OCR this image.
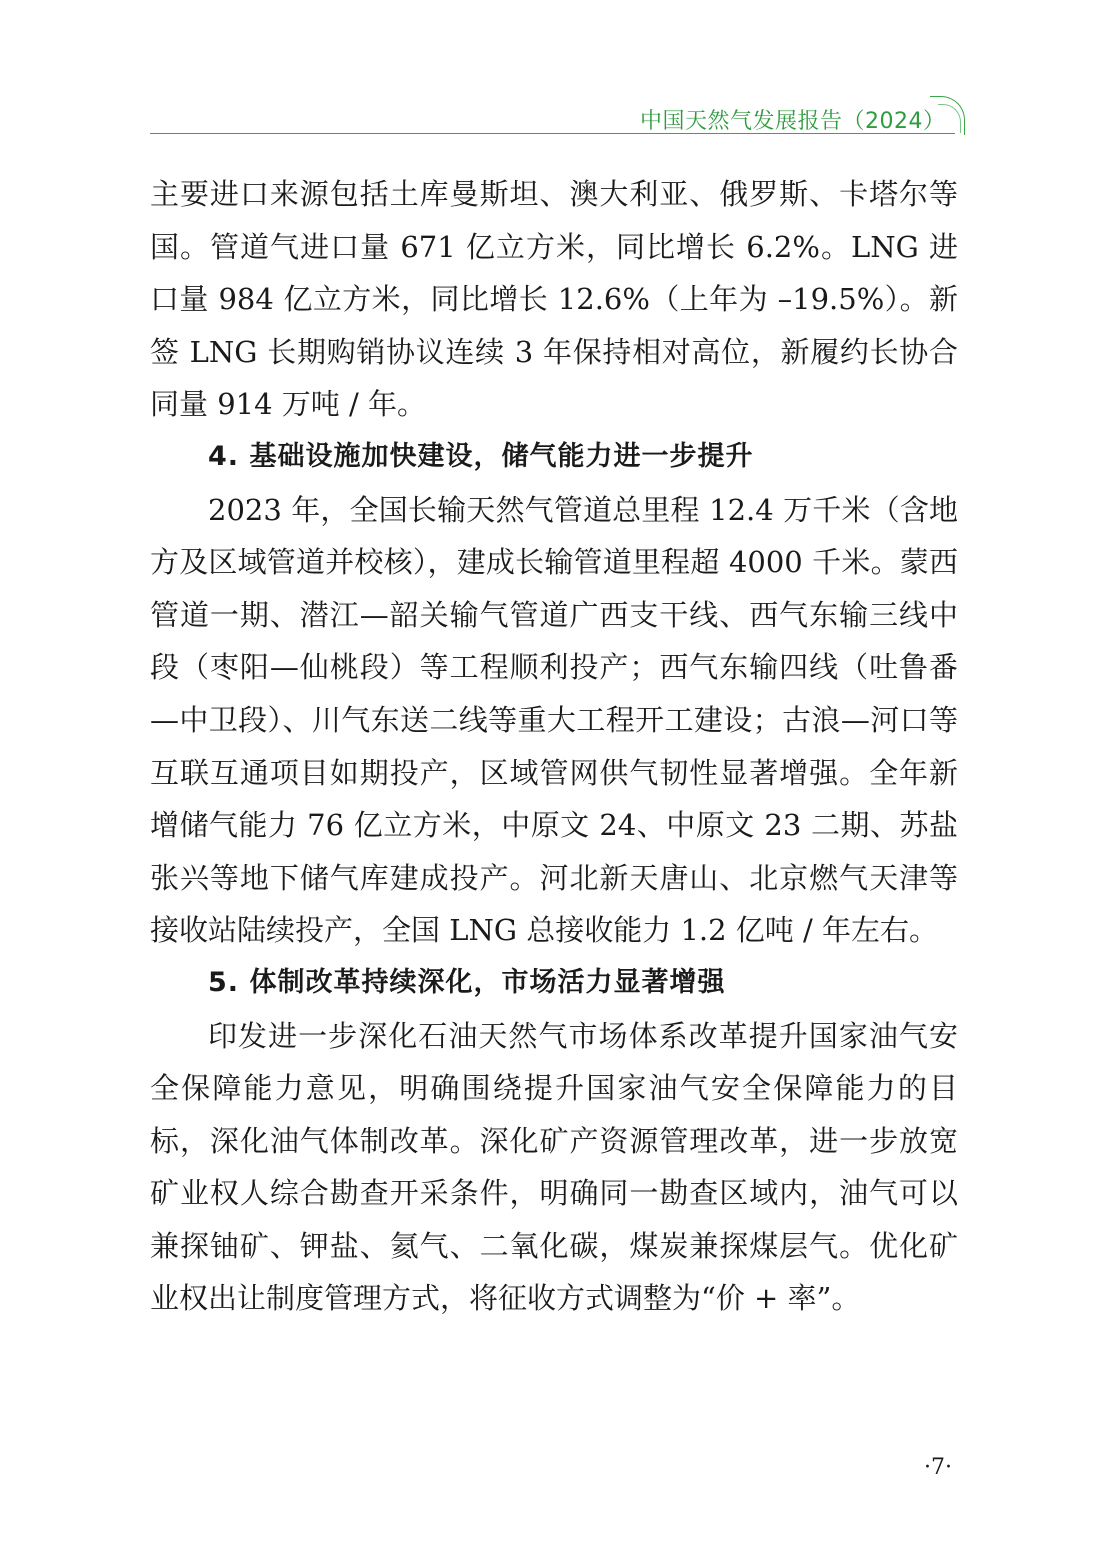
中国天然气发展报告（2024）

主要进口来源包括土库曼斯坦、澳大利亚、俄罗斯、卡塔尔等国。管道气进口量 671 亿立方米，同比增长 6.2%。LNG 进口量 984 亿立方米，同比增长 12.6%（上年为 –19.5%）。新签 LNG 长期购销协议连续 3 年保持相对高位，新履约长协合同量 914 万吨 / 年。

4. 基础设施加快建设，储气能力进一步提升

2023 年，全国长输天然气管道总里程 12.4 万千米（含地方及区域管道并校核），建成长输管道里程超 4000 千米。蒙西管道一期、潜江—韶关输气管道广西支干线、西气东输三线中段（枣阳—仙桃段）等工程顺利投产；西气东输四线（吐鲁番—中卫段）、川气东送二线等重大工程开工建设；古浪—河口等互联互通项目如期投产，区域管网供气韧性显著增强。全年新增储气能力 76 亿立方米，中原文 24、中原文 23 二期、苏盐张兴等地下储气库建成投产。河北新天唐山、北京燃气天津等接收站陆续投产，全国 LNG 总接收能力 1.2 亿吨 / 年左右。

5. 体制改革持续深化，市场活力显著增强

印发进一步深化石油天然气市场体系改革提升国家油气安全保障能力意见，明确围绕提升国家油气安全保障能力的目标，深化油气体制改革。深化矿产资源管理改革，进一步放宽矿业权人综合勘查开采条件，明确同一勘查区域内，油气可以兼探铀矿、钾盐、氦气、二氧化碳，煤炭兼探煤层气。优化矿业权出让制度管理方式，将征收方式调整为“价 + 率”。

·7·
